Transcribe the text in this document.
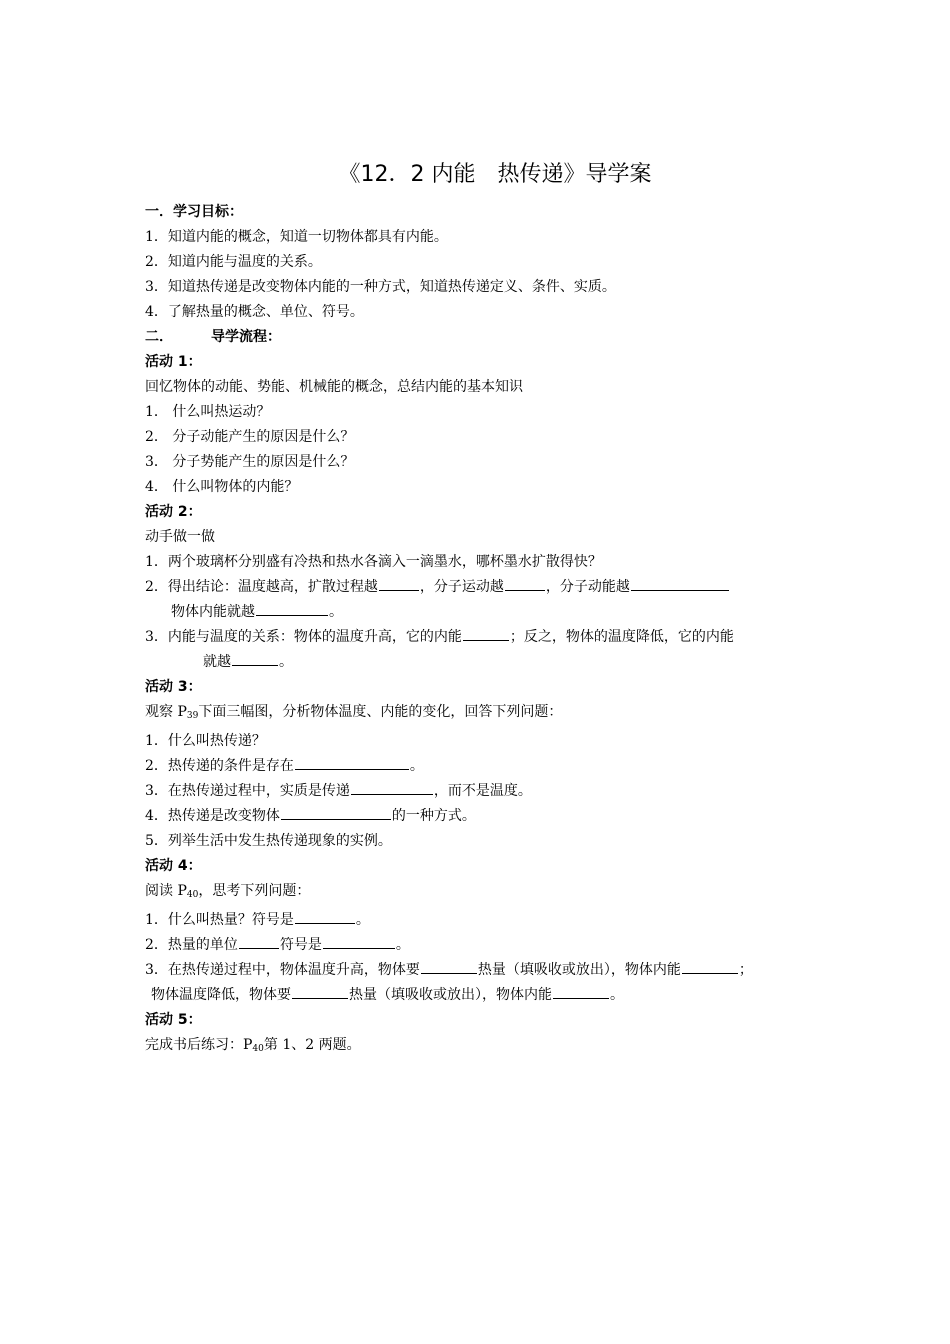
《12．2 内能　热传递》导学案
一．学习目标：
1．知道内能的概念，知道一切物体都具有内能。
2．知道内能与温度的关系。
3．知道热传递是改变物体内能的一种方式，知道热传递定义、条件、实质。
4．了解热量的概念、单位、符号。
二．	导学流程：
活动 1：
回忆物体的动能、势能、机械能的概念，总结内能的基本知识
1． 什么叫热运动？
2． 分子动能产生的原因是什么？
3． 分子势能产生的原因是什么？
4． 什么叫物体的内能？
活动 2：
动手做一做
1．两个玻璃杯分别盛有冷热和热水各滴入一滴墨水，哪杯墨水扩散得快？
2．得出结论：温度越高，扩散过程越	，分子运动越	，分子动能越
物体内能就越	。
3．内能与温度的关系：物体的温度升高，它的内能	；反之，物体的温度降低，它的内能
就越	。
活动 3：
观察 $P_{39}$下面三幅图，分析物体温度、内能的变化，回答下列问题：
1．什么叫热传递？
2．热传递的条件是存在	。
3．在热传递过程中，实质是传递	，而不是温度。
4．热传递是改变物体	的一种方式。
5．列举生活中发生热传递现象的实例。
活动 4：
阅读 $P_{40}$，思考下列问题：
1．什么叫热量？符号是	。
2．热量的单位	符号是	。
3．在热传递过程中，物体温度升高，物体要	热量（填吸收或放出），物体内能	；
物体温度降低，物体要	热量（填吸收或放出），物体内能	。
活动 5：
完成书后练习：$P_{40}$第 1、2 两题。
